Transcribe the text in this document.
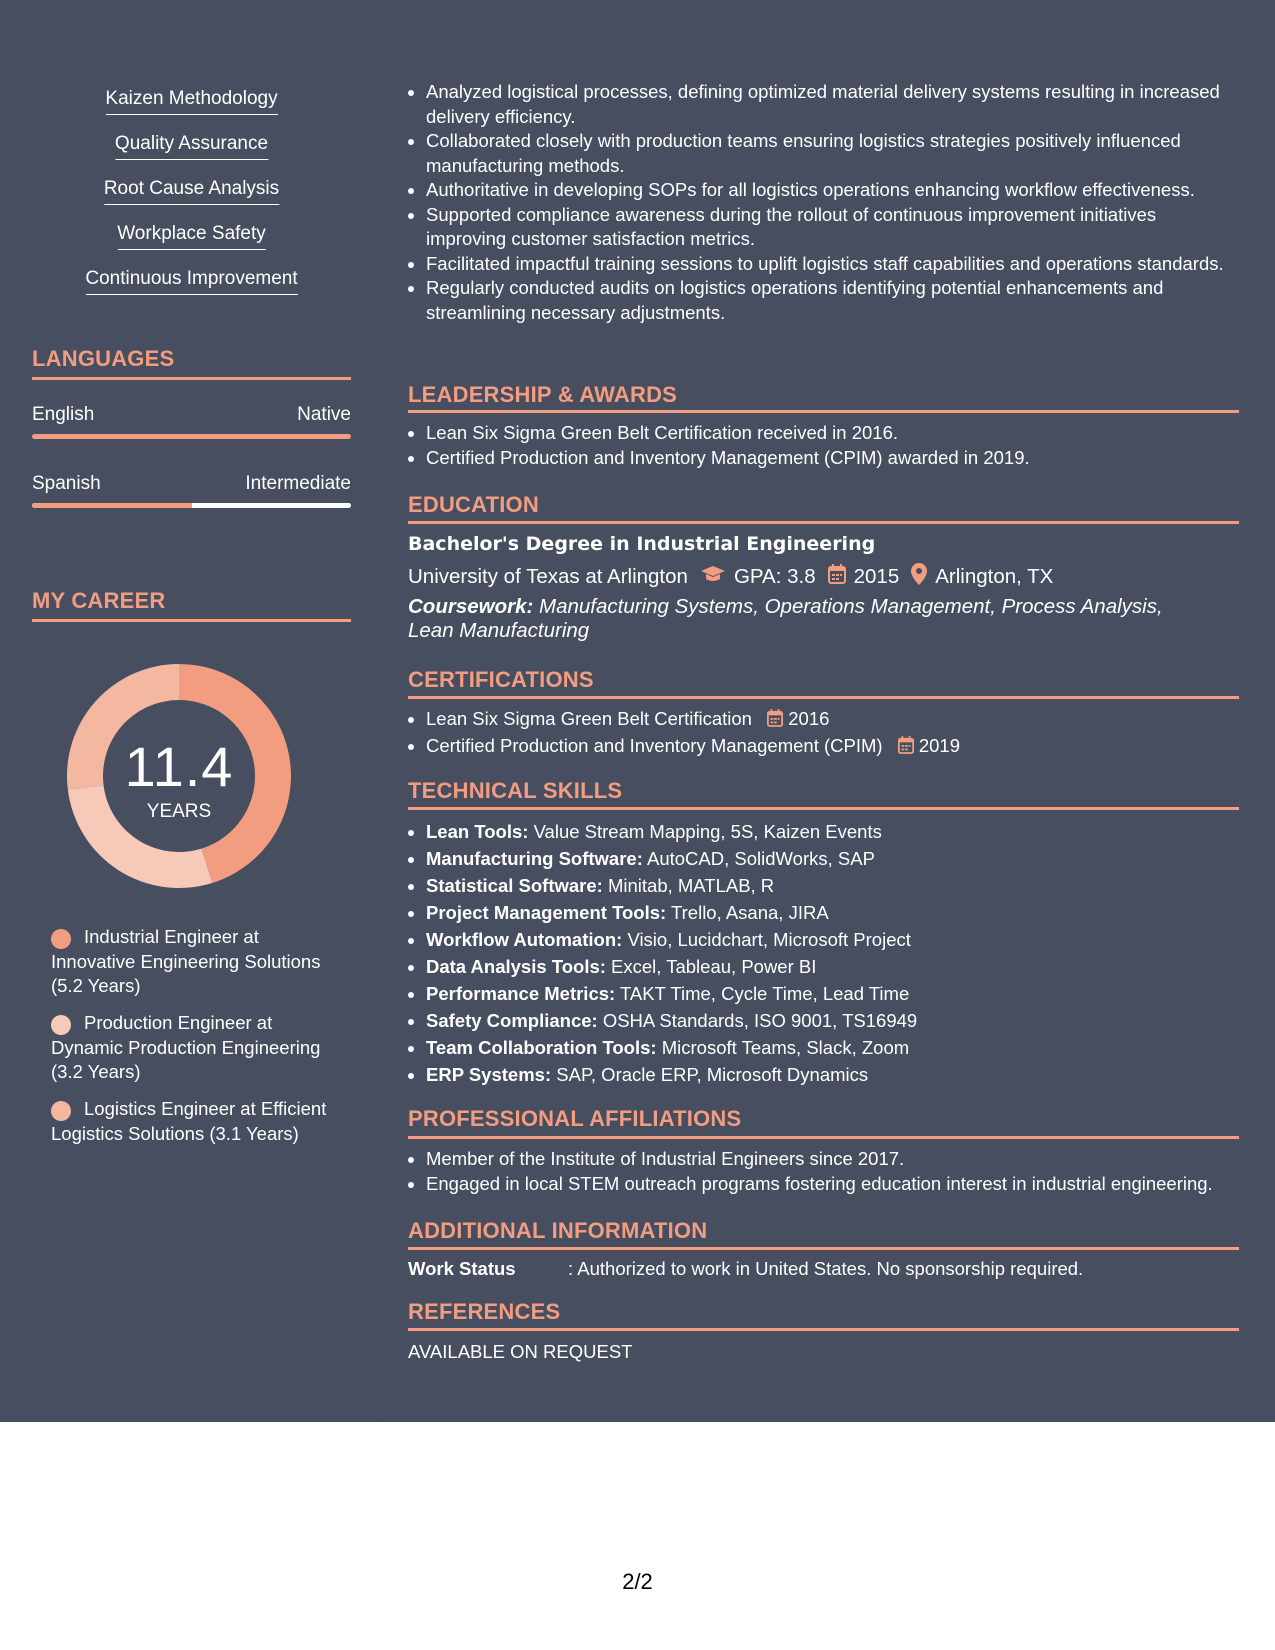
Kaizen Methodology
Quality Assurance
Root Cause Analysis
Workplace Safety
Continuous Improvement
LANGUAGES
English	Native
Spanish	Intermediate
MY CAREER
11.4
YEARS
Industrial Engineer at Innovative Engineering Solutions (5.2 Years)
Production Engineer at Dynamic Production Engineering (3.2 Years)
Logistics Engineer at Efficient Logistics Solutions (3.1 Years)
• Analyzed logistical processes, defining optimized material delivery systems resulting in increased delivery efficiency.
• Collaborated closely with production teams ensuring logistics strategies positively influenced manufacturing methods.
• Authoritative in developing SOPs for all logistics operations enhancing workflow effectiveness.
• Supported compliance awareness during the rollout of continuous improvement initiatives improving customer satisfaction metrics.
• Facilitated impactful training sessions to uplift logistics staff capabilities and operations standards.
• Regularly conducted audits on logistics operations identifying potential enhancements and streamlining necessary adjustments.
LEADERSHIP & AWARDS
• Lean Six Sigma Green Belt Certification received in 2016.
• Certified Production and Inventory Management (CPIM) awarded in 2019.
EDUCATION
Bachelor's Degree in Industrial Engineering
University of Texas at Arlington GPA: 3.8 2015 Arlington, TX
Coursework: Manufacturing Systems, Operations Management, Process Analysis, Lean Manufacturing
CERTIFICATIONS
• Lean Six Sigma Green Belt Certification 2016
• Certified Production and Inventory Management (CPIM) 2019
TECHNICAL SKILLS
• Lean Tools: Value Stream Mapping, 5S, Kaizen Events
• Manufacturing Software: AutoCAD, SolidWorks, SAP
• Statistical Software: Minitab, MATLAB, R
• Project Management Tools: Trello, Asana, JIRA
• Workflow Automation: Visio, Lucidchart, Microsoft Project
• Data Analysis Tools: Excel, Tableau, Power BI
• Performance Metrics: TAKT Time, Cycle Time, Lead Time
• Safety Compliance: OSHA Standards, ISO 9001, TS16949
• Team Collaboration Tools: Microsoft Teams, Slack, Zoom
• ERP Systems: SAP, Oracle ERP, Microsoft Dynamics
PROFESSIONAL AFFILIATIONS
• Member of the Institute of Industrial Engineers since 2017.
• Engaged in local STEM outreach programs fostering education interest in industrial engineering.
ADDITIONAL INFORMATION
Work Status	: Authorized to work in United States. No sponsorship required.
REFERENCES
AVAILABLE ON REQUEST
2/2
